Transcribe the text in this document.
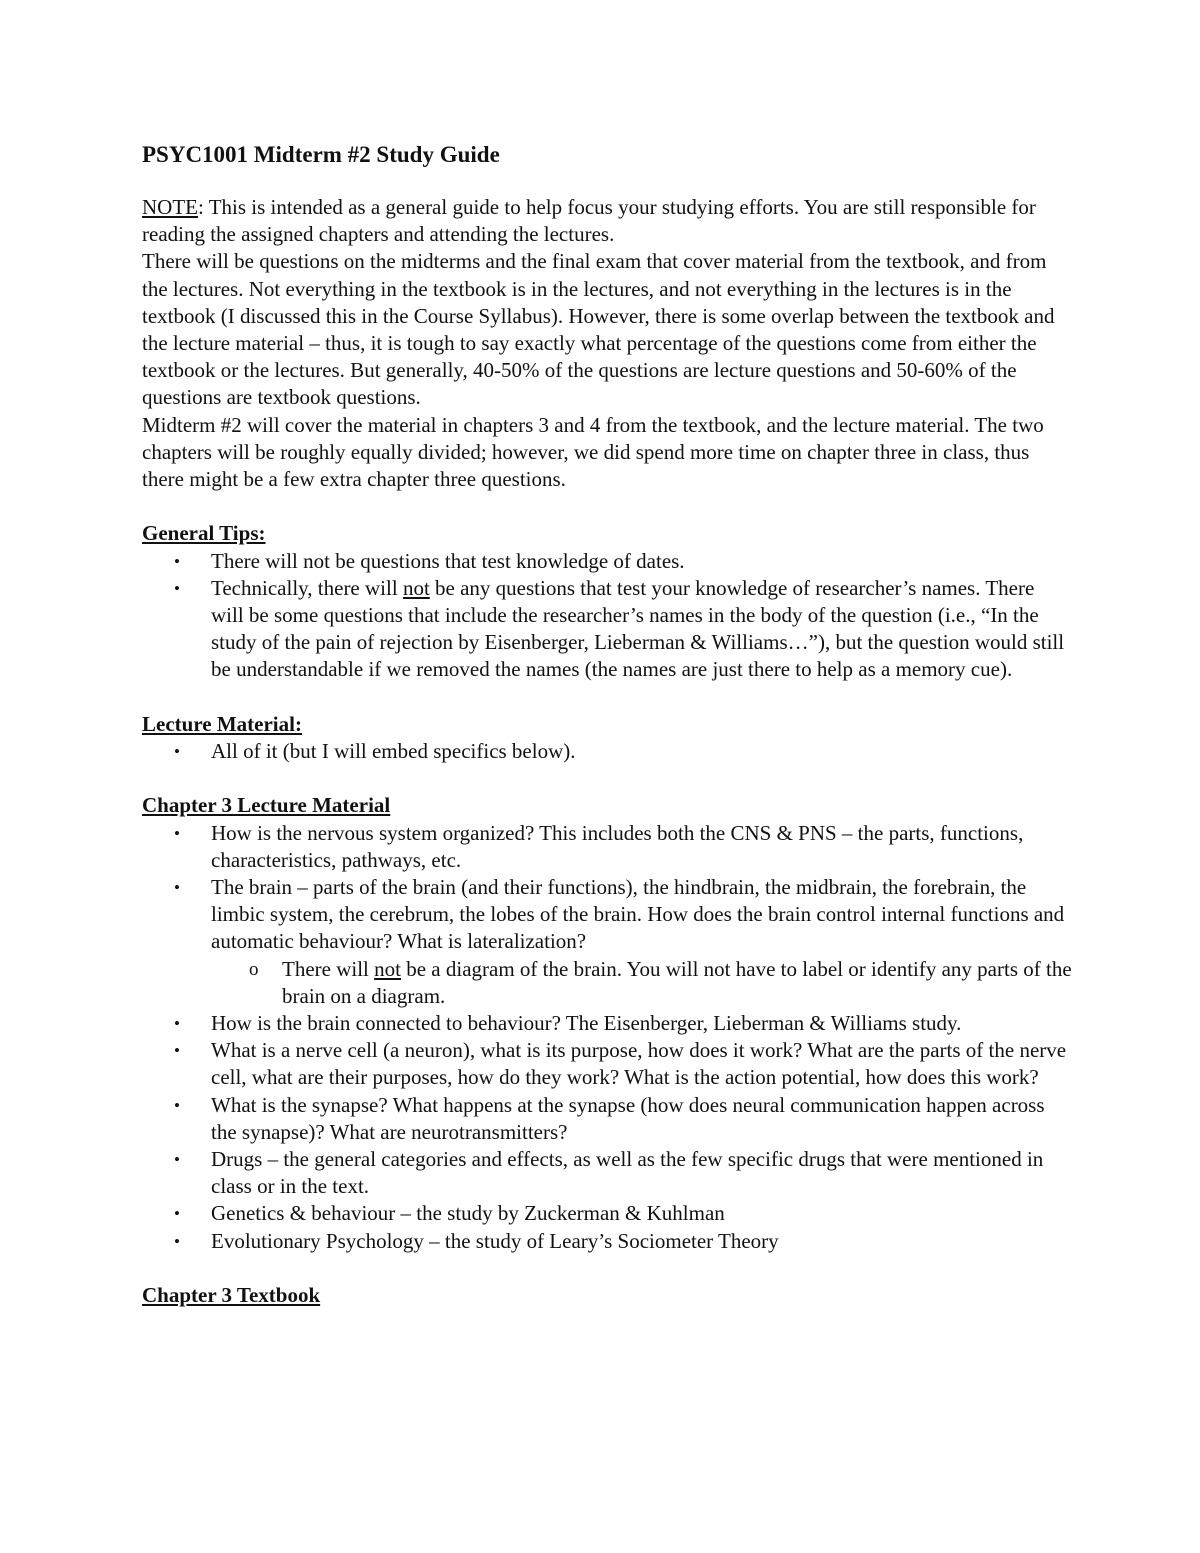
PSYC1001 Midterm #2 Study Guide

NOTE: This is intended as a general guide to help focus your studying efforts. You are still responsible for reading the assigned chapters and attending the lectures.

There will be questions on the midterms and the final exam that cover material from the textbook, and from the lectures. Not everything in the textbook is in the lectures, and not everything in the lectures is in the textbook (I discussed this in the Course Syllabus). However, there is some overlap between the textbook and the lecture material – thus, it is tough to say exactly what percentage of the questions come from either the textbook or the lectures. But generally, 40-50% of the questions are lecture questions and 50-60% of the questions are textbook questions.

Midterm #2 will cover the material in chapters 3 and 4 from the textbook, and the lecture material. The two chapters will be roughly equally divided; however, we did spend more time on chapter three in class, thus there might be a few extra chapter three questions.

General Tips:

• There will not be questions that test knowledge of dates.
• Technically, there will not be any questions that test your knowledge of researcher’s names. There will be some questions that include the researcher’s names in the body of the question (i.e., “In the study of the pain of rejection by Eisenberger, Lieberman & Williams…”), but the question would still be understandable if we removed the names (the names are just there to help as a memory cue).

Lecture Material:

• All of it (but I will embed specifics below).

Chapter 3 Lecture Material

• How is the nervous system organized? This includes both the CNS & PNS – the parts, functions, characteristics, pathways, etc.
• The brain – parts of the brain (and their functions), the hindbrain, the midbrain, the forebrain, the limbic system, the cerebrum, the lobes of the brain. How does the brain control internal functions and automatic behaviour? What is lateralization?
o There will not be a diagram of the brain. You will not have to label or identify any parts of the brain on a diagram.
• How is the brain connected to behaviour? The Eisenberger, Lieberman & Williams study.
• What is a nerve cell (a neuron), what is its purpose, how does it work? What are the parts of the nerve cell, what are their purposes, how do they work? What is the action potential, how does this work?
• What is the synapse? What happens at the synapse (how does neural communication happen across the synapse)? What are neurotransmitters?
• Drugs – the general categories and effects, as well as the few specific drugs that were mentioned in class or in the text.
• Genetics & behaviour – the study by Zuckerman & Kuhlman
• Evolutionary Psychology – the study of Leary’s Sociometer Theory

Chapter 3 Textbook
